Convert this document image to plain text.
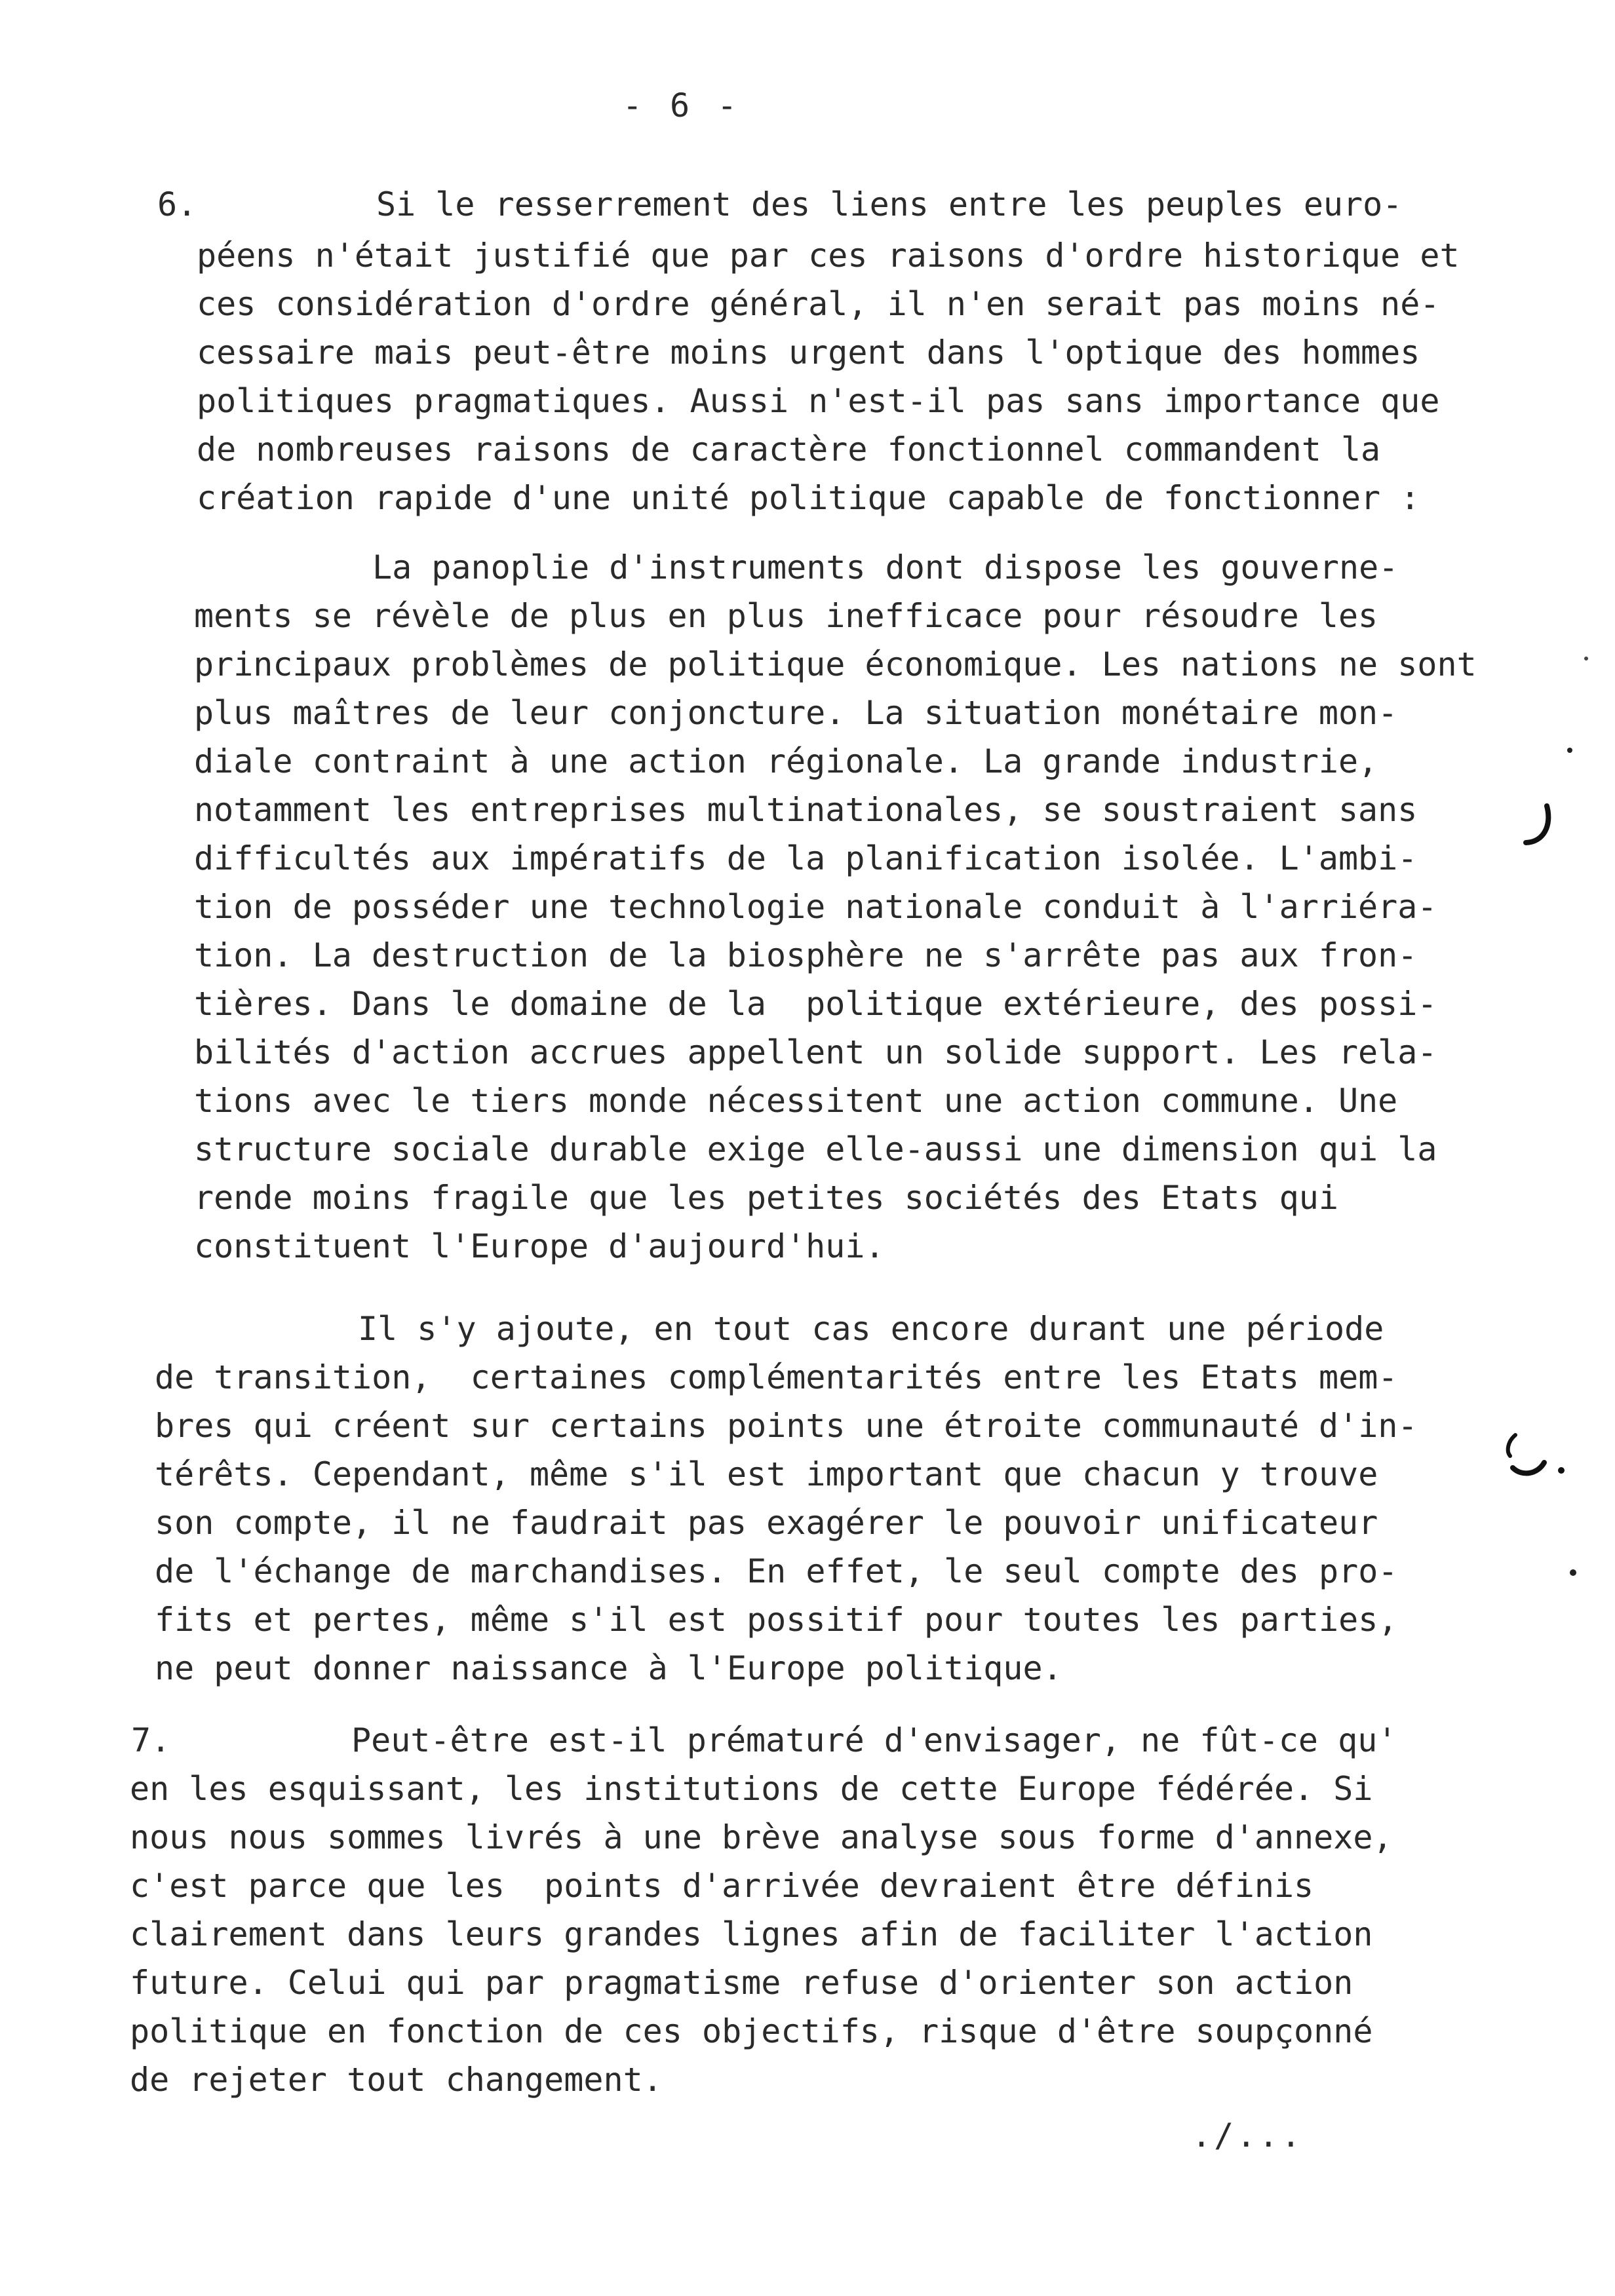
- 6 -
6.	Si le resserrement des liens entre les peuples euro-
péens n'était justifié que par ces raisons d'ordre historique et
ces considération d'ordre général, il n'en serait pas moins né-
cessaire mais peut-être moins urgent dans l'optique des hommes
politiques pragmatiques. Aussi n'est-il pas sans importance que
de nombreuses raisons de caractère fonctionnel commandent la
création rapide d'une unité politique capable de fonctionner :
La panoplie d'instruments dont dispose les gouverne-
ments se révèle de plus en plus inefficace pour résoudre les
principaux problèmes de politique économique. Les nations ne sont
plus maîtres de leur conjoncture. La situation monétaire mon-
diale contraint à une action régionale. La grande industrie,
notamment les entreprises multinationales, se soustraient sans
difficultés aux impératifs de la planification isolée. L'ambi-
tion de posséder une technologie nationale conduit à l'arriéra-
tion. La destruction de la biosphère ne s'arrête pas aux fron-
tières. Dans le domaine de la  politique extérieure, des possi-
bilités d'action accrues appellent un solide support. Les rela-
tions avec le tiers monde nécessitent une action commune. Une
structure sociale durable exige elle-aussi une dimension qui la
rende moins fragile que les petites sociétés des Etats qui
constituent l'Europe d'aujourd'hui.
Il s'y ajoute, en tout cas encore durant une période
de transition,  certaines complémentarités entre les Etats mem-
bres qui créent sur certains points une étroite communauté d'in-
térêts. Cependant, même s'il est important que chacun y trouve
son compte, il ne faudrait pas exagérer le pouvoir unificateur
de l'échange de marchandises. En effet, le seul compte des pro-
fits et pertes, même s'il est possitif pour toutes les parties,
ne peut donner naissance à l'Europe politique.
7.	Peut-être est-il prématuré d'envisager, ne fût-ce qu'
en les esquissant, les institutions de cette Europe fédérée. Si
nous nous sommes livrés à une brève analyse sous forme d'annexe,
c'est parce que les  points d'arrivée devraient être définis
clairement dans leurs grandes lignes afin de faciliter l'action
future. Celui qui par pragmatisme refuse d'orienter son action
politique en fonction de ces objectifs, risque d'être soupçonné
de rejeter tout changement.
./...
